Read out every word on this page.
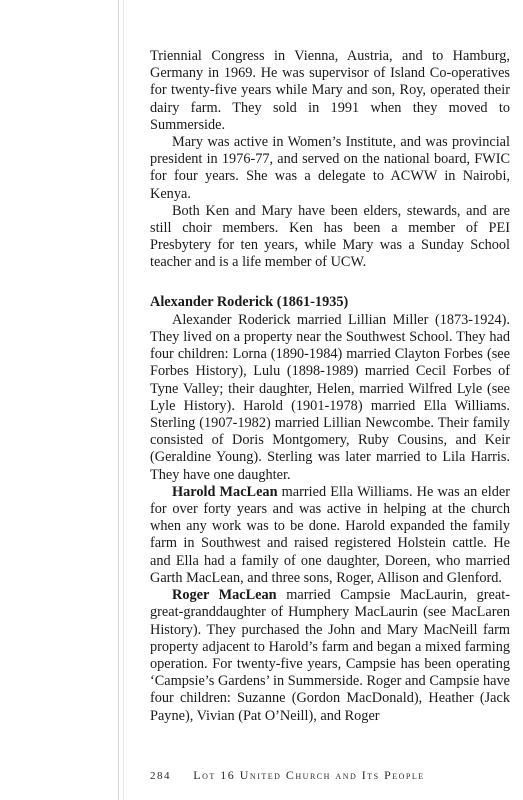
Triennial Congress in Vienna, Austria, and to Hamburg, Germany in 1969. He was supervisor of Island Co-operatives for twenty-five years while Mary and son, Roy, operated their dairy farm. They sold in 1991 when they moved to Summerside.

Mary was active in Women’s Institute, and was provincial president in 1976-77, and served on the national board, FWIC for four years. She was a delegate to ACWW in Nairobi, Kenya.

Both Ken and Mary have been elders, stewards, and are still choir members. Ken has been a member of PEI Presbytery for ten years, while Mary was a Sunday School teacher and is a life member of UCW.

Alexander Roderick (1861-1935)

Alexander Roderick married Lillian Miller (1873-1924). They lived on a property near the Southwest School. They had four children: Lorna (1890-1984) married Clayton Forbes (see Forbes History), Lulu (1898-1989) married Cecil Forbes of Tyne Valley; their daughter, Helen, married Wilfred Lyle (see Lyle History). Harold (1901-1978) married Ella Williams. Sterling (1907-1982) married Lillian Newcombe. Their family consisted of Doris Montgomery, Ruby Cousins, and Keir (Geraldine Young). Sterling was later married to Lila Harris. They have one daughter.

Harold MacLean married Ella Williams. He was an elder for over forty years and was active in helping at the church when any work was to be done. Harold expanded the family farm in Southwest and raised registered Holstein cattle. He and Ella had a family of one daughter, Doreen, who married Garth MacLean, and three sons, Roger, Allison and Glenford.

Roger MacLean married Campsie MacLaurin, great-great-granddaughter of Humphery MacLaurin (see MacLaren History). They purchased the John and Mary MacNeill farm property adjacent to Harold’s farm and began a mixed farming operation. For twenty-five years, Campsie has been operating ‘Campsie’s Gardens’ in Summerside. Roger and Campsie have four children: Suzanne (Gordon MacDonald), Heather (Jack Payne), Vivian (Pat O’Neill), and Roger

284 Lot 16 United Church and Its People
